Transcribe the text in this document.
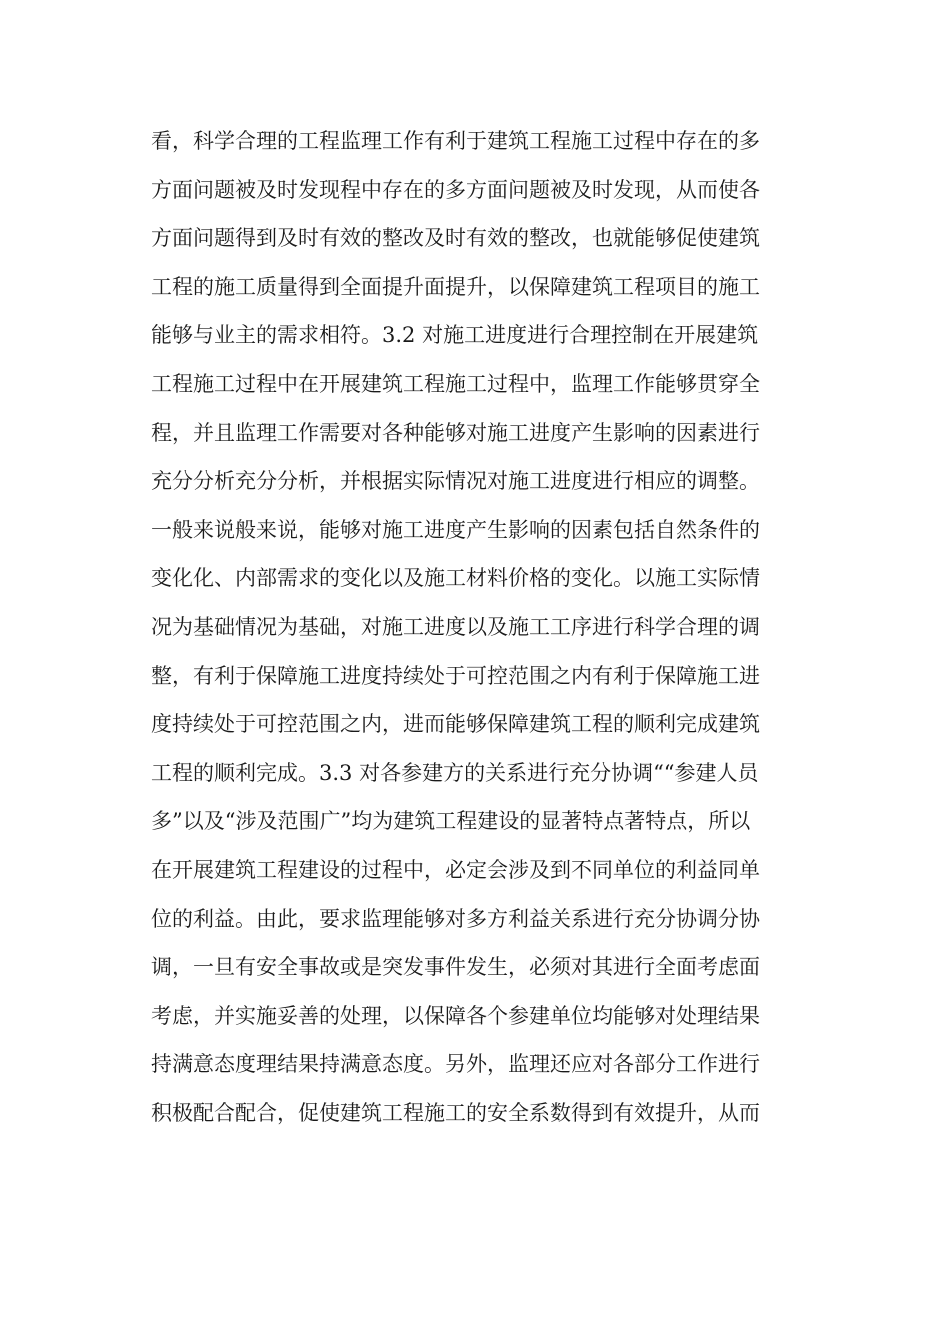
看，科学合理的工程监理工作有利于建筑工程施工过程中存在的多
方面问题被及时发现程中存在的多方面问题被及时发现，从而使各
方面问题得到及时有效的整改及时有效的整改，也就能够促使建筑
工程的施工质量得到全面提升面提升，以保障建筑工程项目的施工
能够与业主的需求相符。3.2 对施工进度进行合理控制在开展建筑
工程施工过程中在开展建筑工程施工过程中，监理工作能够贯穿全
程，并且监理工作需要对各种能够对施工进度产生影响的因素进行
充分分析充分分析，并根据实际情况对施工进度进行相应的调整。
一般来说般来说，能够对施工进度产生影响的因素包括自然条件的
变化化、内部需求的变化以及施工材料价格的变化。以施工实际情
况为基础情况为基础，对施工进度以及施工工序进行科学合理的调
整，有利于保障施工进度持续处于可控范围之内有利于保障施工进
度持续处于可控范围之内，进而能够保障建筑工程的顺利完成建筑
工程的顺利完成。3.3 对各参建方的关系进行充分协调““参建人员
多”以及“涉及范围广”均为建筑工程建设的显著特点著特点，所以
在开展建筑工程建设的过程中，必定会涉及到不同单位的利益同单
位的利益。由此，要求监理能够对多方利益关系进行充分协调分协
调，一旦有安全事故或是突发事件发生，必须对其进行全面考虑面
考虑，并实施妥善的处理，以保障各个参建单位均能够对处理结果
持满意态度理结果持满意态度。另外，监理还应对各部分工作进行
积极配合配合，促使建筑工程施工的安全系数得到有效提升，从而
